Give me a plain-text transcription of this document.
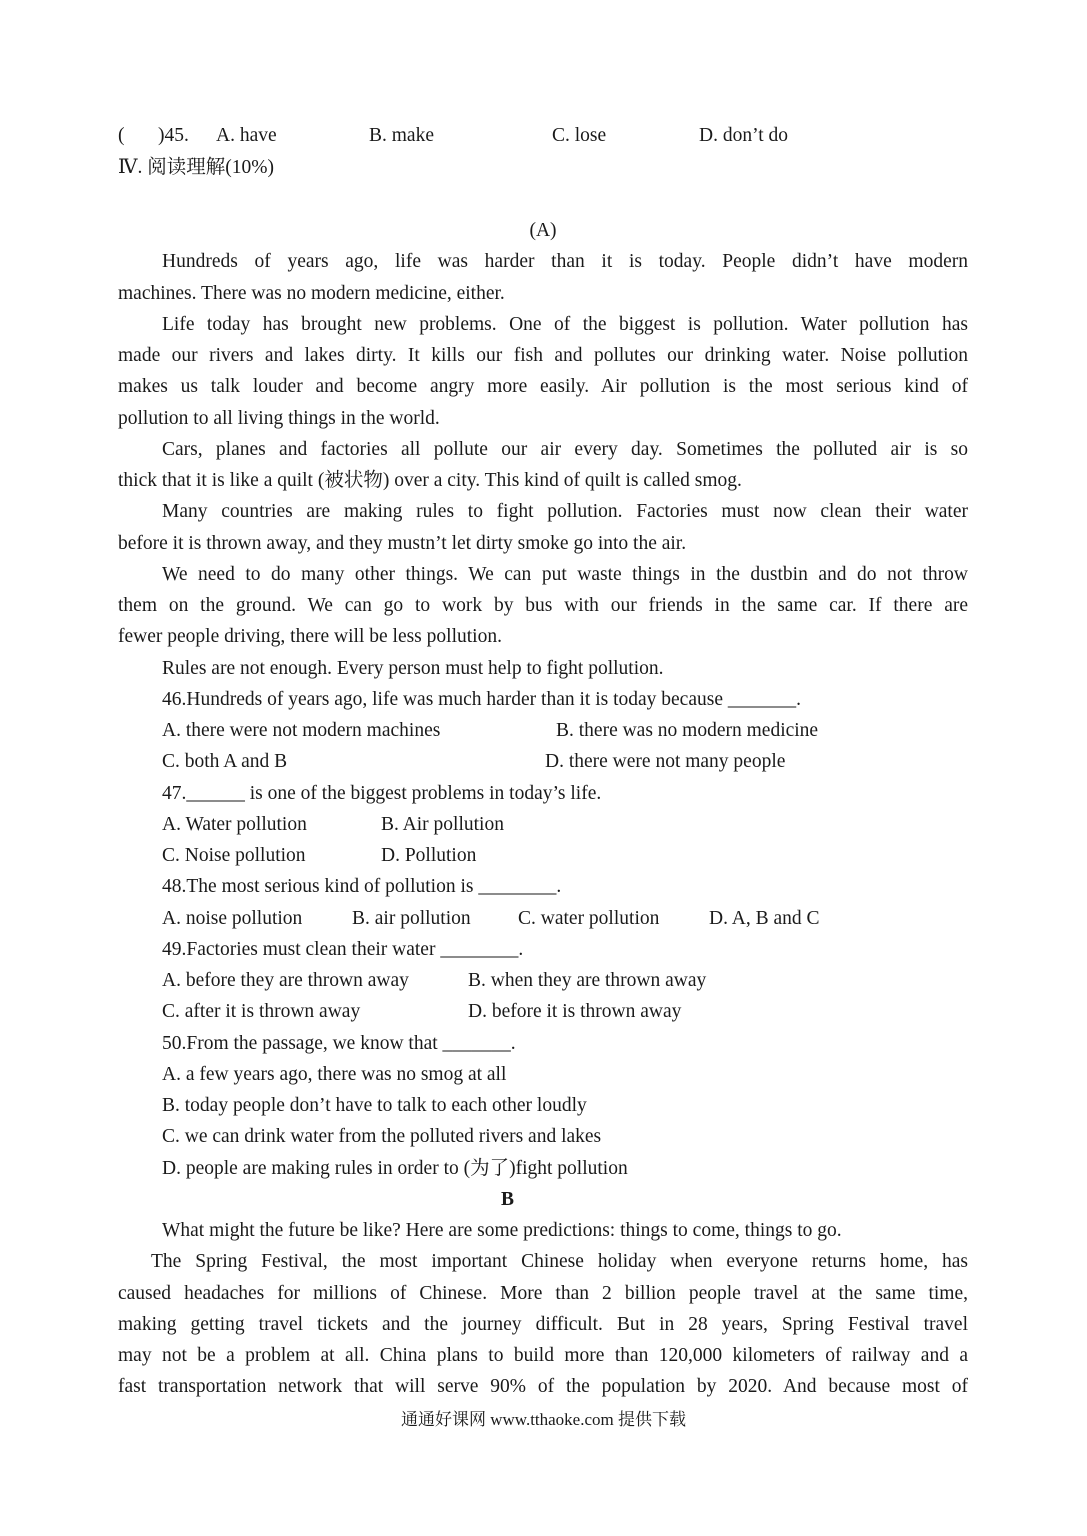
( )45. A. have	B. make	C. lose	D. don’t do
Ⅳ. 阅读理解(10%)
(A)
Hundreds of years ago, life was harder than it is today. People didn’t have modern
machines. There was no modern medicine, either.
Life today has brought new problems. One of the biggest is pollution. Water pollution has
made our rivers and lakes dirty. It kills our fish and pollutes our drinking water. Noise pollution
makes us talk louder and become angry more easily. Air pollution is the most serious kind of
pollution to all living things in the world.
Cars, planes and factories all pollute our air every day. Sometimes the polluted air is so
thick that it is like a quilt (被状物) over a city. This kind of quilt is called smog.
Many countries are making rules to fight pollution. Factories must now clean their water
before it is thrown away, and they mustn’t let dirty smoke go into the air.
We need to do many other things. We can put waste things in the dustbin and do not throw
them on the ground. We can go to work by bus with our friends in the same car. If there are
fewer people driving, there will be less pollution.
Rules are not enough. Every person must help to fight pollution.
46.Hundreds of years ago, life was much harder than it is today because _______.
A. there were not modern machines	B. there was no modern medicine
C. both A and B	D. there were not many people
47.______ is one of the biggest problems in today’s life.
A. Water pollution	B. Air pollution
C. Noise pollution	D. Pollution
48.The most serious kind of pollution is ________.
A. noise pollution	B. air pollution C. water pollution	D. A, B and C
49.Factories must clean their water ________.
A. before they are thrown away	B. when they are thrown away
C. after it is thrown away	D. before it is thrown away
50.From the passage, we know that _______.
A. a few years ago, there was no smog at all
B. today people don’t have to talk to each other loudly
C. we can drink water from the polluted rivers and lakes
D. people are making rules in order to (为了)fight pollution
B
What might the future be like? Here are some predictions: things to come, things to go.
The Spring Festival, the most important Chinese holiday when everyone returns home, has
caused headaches for millions of Chinese. More than 2 billion people travel at the same time,
making getting travel tickets and the journey difficult. But in 28 years, Spring Festival travel
may not be a problem at all. China plans to build more than 120,000 kilometers of railway and a
fast transportation network that will serve 90% of the population by 2020. And because most of
通通好课网 www.tthaoke.com 提供下载
